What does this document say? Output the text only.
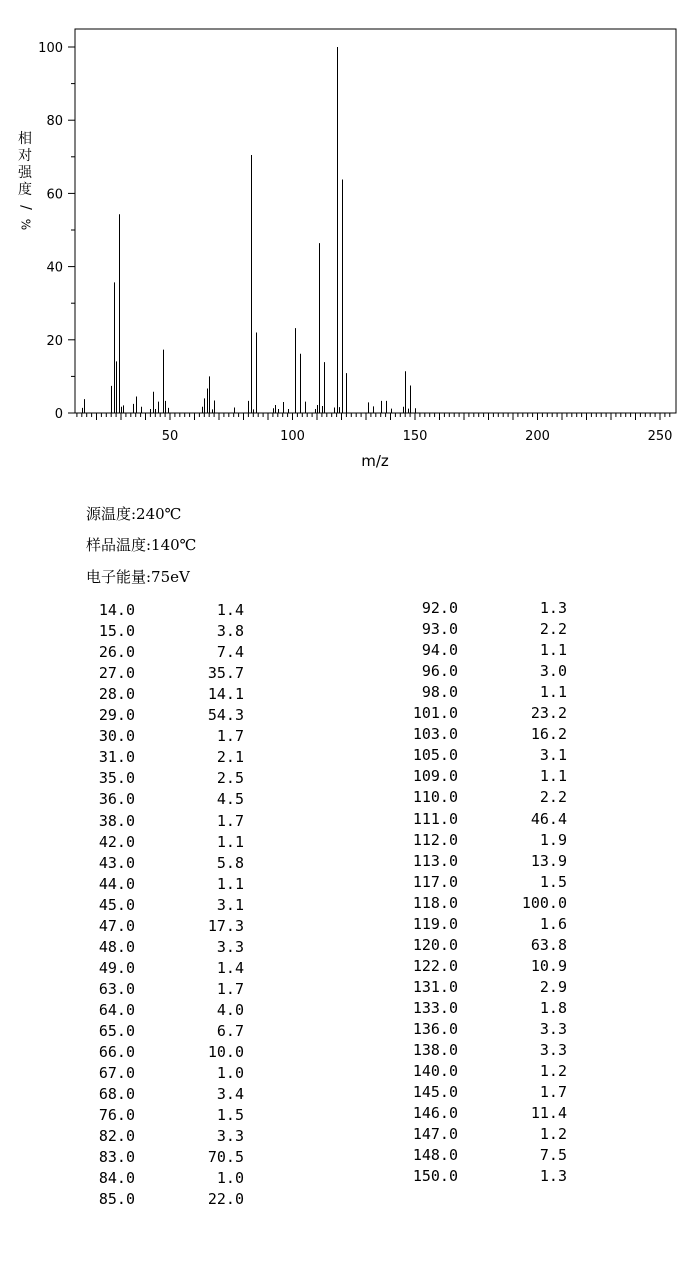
0
20
40
60
80
100
50	100	150	200	250
m/z
相
对
强
度
/
%
源温度:240℃
样品温度:140℃
电子能量:75eV
14.0	1.4
15.0	3.8
26.0	7.4
27.0	35.7
28.0	14.1
29.0	54.3
30.0	1.7
31.0	2.1
35.0	2.5
36.0	4.5
38.0	1.7
42.0	1.1
43.0	5.8
44.0	1.1
45.0	3.1
47.0	17.3
48.0	3.3
49.0	1.4
63.0	1.7
64.0	4.0
65.0	6.7
66.0	10.0
67.0	1.0
68.0	3.4
76.0	1.5
82.0	3.3
83.0	70.5
84.0	1.0
85.0	22.0
92.0	1.3
93.0	2.2
94.0	1.1
96.0	3.0
98.0	1.1
101.0	23.2
103.0	16.2
105.0	3.1
109.0	1.1
110.0	2.2
111.0	46.4
112.0	1.9
113.0	13.9
117.0	1.5
118.0	100.0
119.0	1.6
120.0	63.8
122.0	10.9
131.0	2.9
133.0	1.8
136.0	3.3
138.0	3.3
140.0	1.2
145.0	1.7
146.0	11.4
147.0	1.2
148.0	7.5
150.0	1.3
